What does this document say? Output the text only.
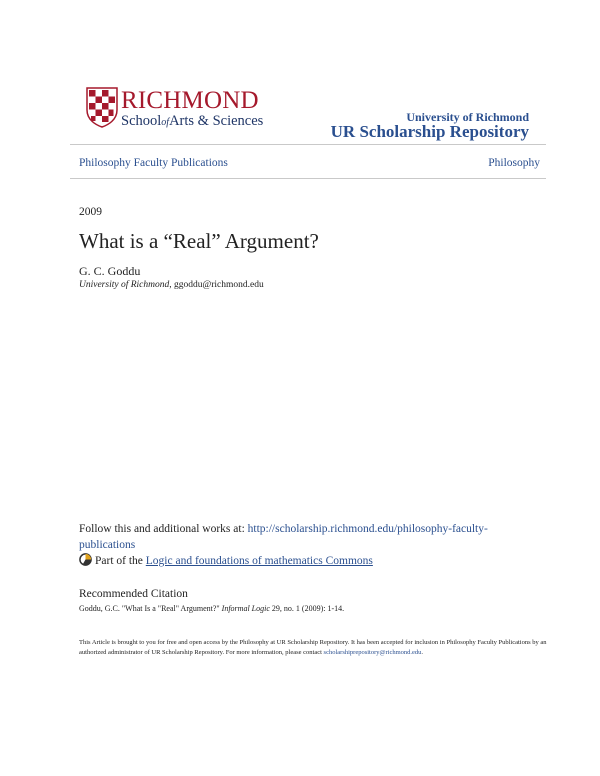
RICHMOND
SchoolofArts & Sciences	University of Richmond
UR Scholarship Repository
Philosophy Faculty Publications	Philosophy
2009
What is a “Real” Argument?
G. C. Goddu
University of Richmond, ggoddu@richmond.edu
Follow this and additional works at: http://scholarship.richmond.edu/philosophy-faculty-publications
Part of the Logic and foundations of mathematics Commons
Recommended Citation
Goddu, G.C. "What Is a "Real" Argument?" Informal Logic 29, no. 1 (2009): 1-14.
This Article is brought to you for free and open access by the Philosophy at UR Scholarship Repository. It has been accepted for inclusion in Philosophy Faculty Publications by an authorized administrator of UR Scholarship Repository. For more information, please contact scholarshiprepository@richmond.edu.
